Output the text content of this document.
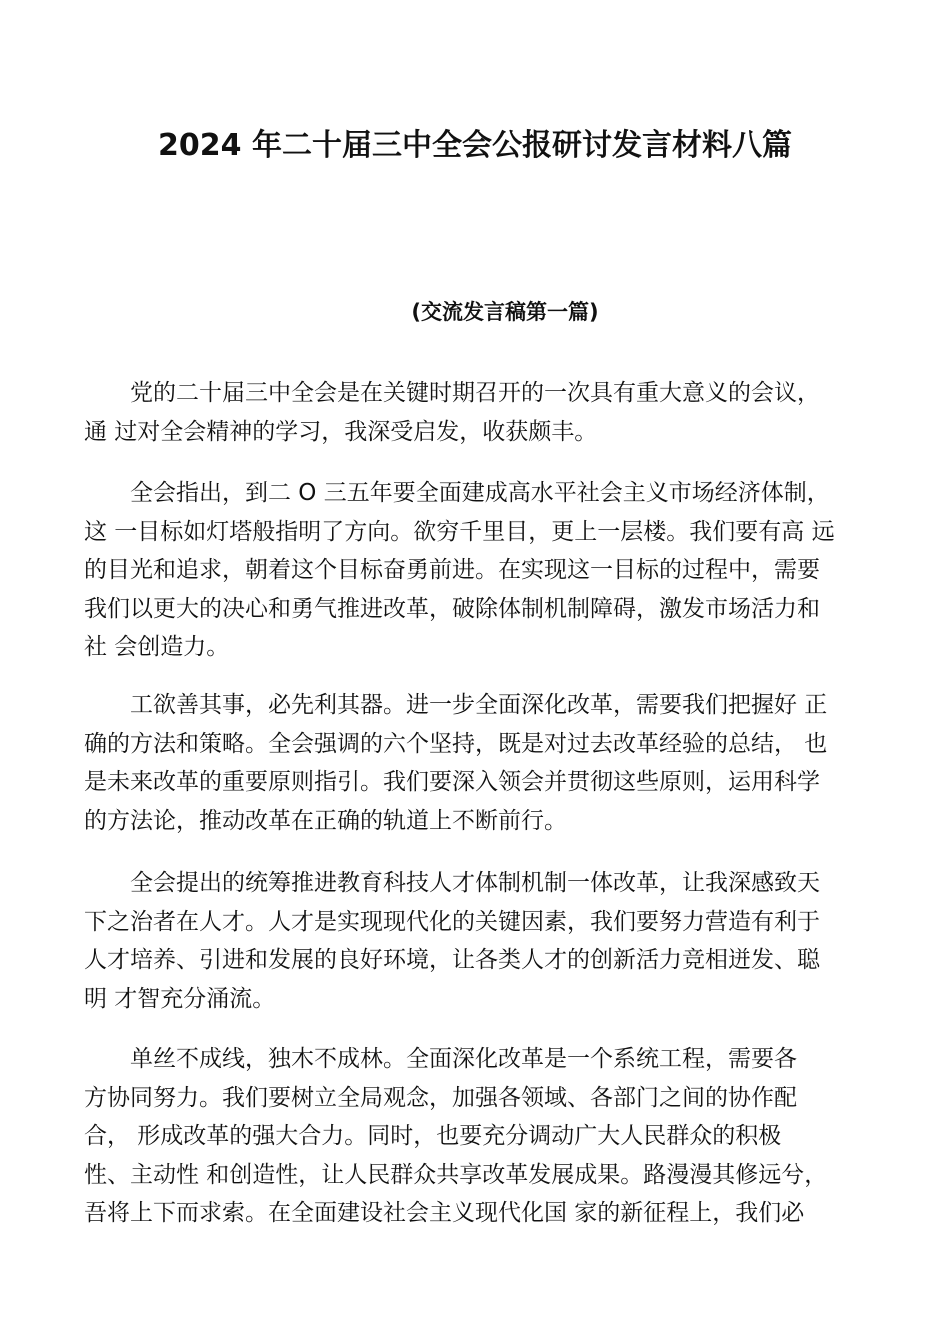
2024 年二十届三中全会公报研讨发言材料八篇
(交流发言稿第一篇)
党的二十届三中全会是在关键时期召开的一次具有重大意义的会议，
通 过对全会精神的学习，我深受启发，收获颇丰。
全会指出，到二 O 三五年要全面建成高水平社会主义市场经济体制，
这 一目标如灯塔般指明了方向。欲穷千里目，更上一层楼。我们要有高 远
的目光和追求，朝着这个目标奋勇前进。在实现这一目标的过程中，需要
我们以更大的决心和勇气推进改革，破除体制机制障碍，激发市场活力和
社 会创造力。
工欲善其事，必先利其器。进一步全面深化改革，需要我们把握好 正
确的方法和策略。全会强调的六个坚持，既是对过去改革经验的总结， 也
是未来改革的重要原则指引。我们要深入领会并贯彻这些原则，运用科学
的方法论，推动改革在正确的轨道上不断前行。
全会提出的统筹推进教育科技人才体制机制一体改革，让我深感致天
下之治者在人才。人才是实现现代化的关键因素，我们要努力营造有利于
人才培养、引进和发展的良好环境，让各类人才的创新活力竞相迸发、聪
明 才智充分涌流。
单丝不成线，独木不成林。全面深化改革是一个系统工程，需要各
方协同努力。我们要树立全局观念，加强各领域、各部门之间的协作配
合， 形成改革的强大合力。同时，也要充分调动广大人民群众的积极
性、主动性 和创造性，让人民群众共享改革发展成果。路漫漫其修远兮，
吾将上下而求索。在全面建设社会主义现代化国 家的新征程上，我们必
